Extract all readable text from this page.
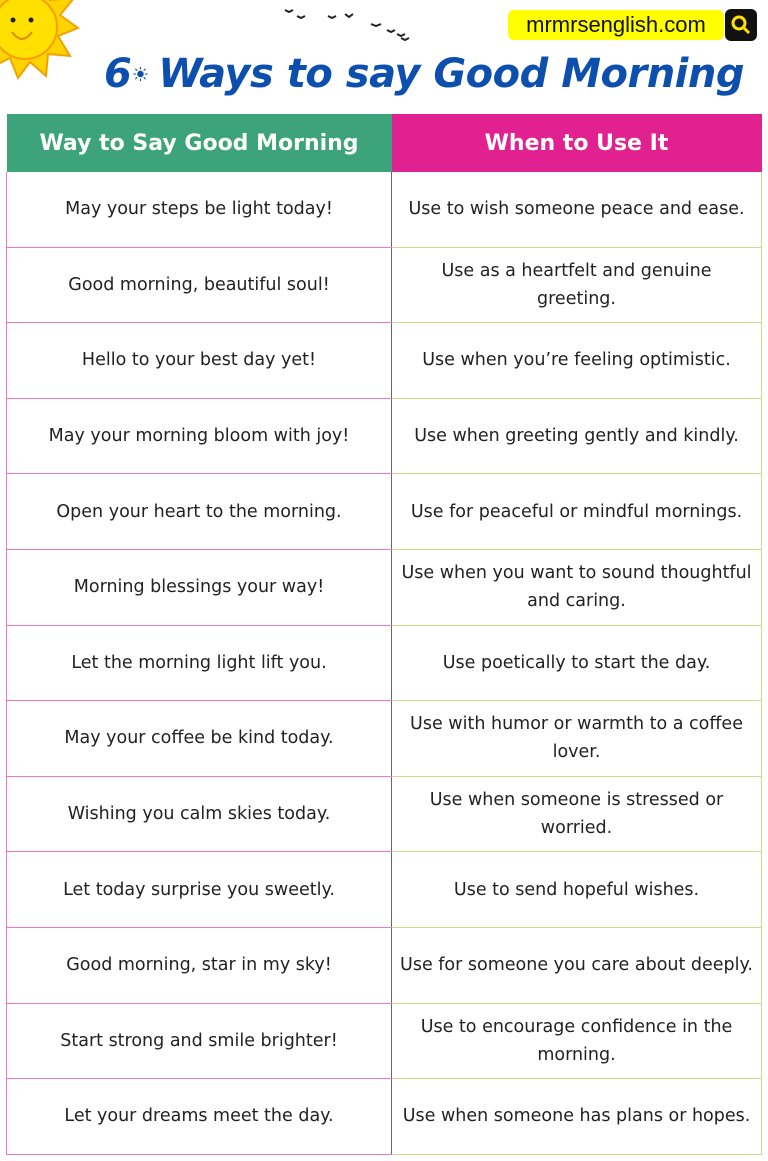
mrmrsenglish.com
6 Ways to say Good Morning
Way to Say Good Morning	When to Use It
May your steps be light today!	Use to wish someone peace and ease.
Good morning, beautiful soul!	Use as a heartfelt and genuine greeting.
Hello to your best day yet!	Use when you’re feeling optimistic.
May your morning bloom with joy!	Use when greeting gently and kindly.
Open your heart to the morning.	Use for peaceful or mindful mornings.
Morning blessings your way!	Use when you want to sound thoughtful and caring.
Let the morning light lift you.	Use poetically to start the day.
May your coffee be kind today.	Use with humor or warmth to a coffee lover.
Wishing you calm skies today.	Use when someone is stressed or worried.
Let today surprise you sweetly.	Use to send hopeful wishes.
Good morning, star in my sky!	Use for someone you care about deeply.
Start strong and smile brighter!	Use to encourage confidence in the morning.
Let your dreams meet the day.	Use when someone has plans or hopes.
